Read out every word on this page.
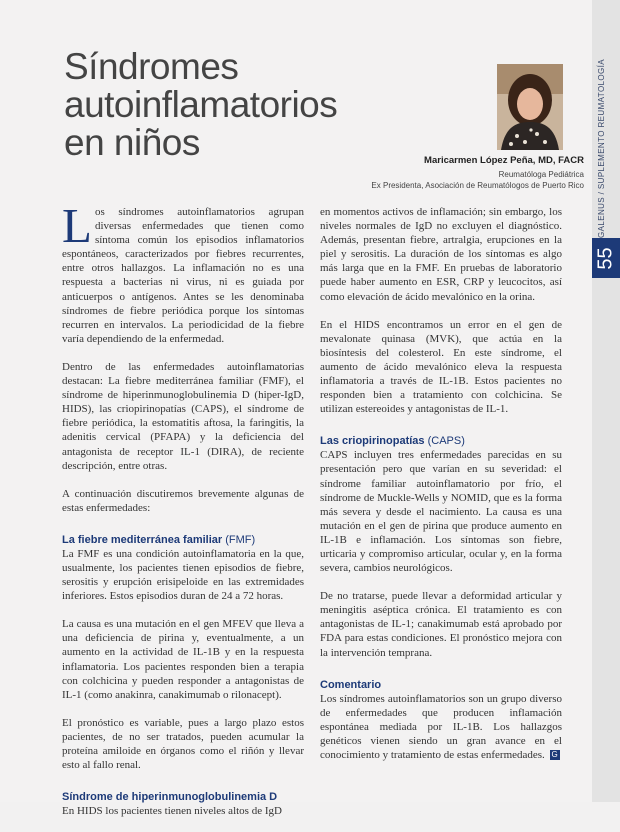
55
GALENUS / SUPLEMENTO REUMATOLOGÍA
Síndromes
autoinflamatorios
en niños	Maricarmen López Peña, MD, FACR
Reumatóloga Pediátrica
Ex Presidenta, Asociación de Reumatólogos de Puerto Rico

Los síndromes autoinflamatorios agrupan diversas enfermedades que tienen como síntoma común los episodios inflamatorios espontáneos, caracterizados por fiebres recurrentes, entre otros hallazgos. La inflamación no es una respuesta a bacterias ni virus, ni es guiada por anticuerpos o antígenos. Antes se les denominaba síndromes de fiebre periódica porque los síntomas recurren en intervalos. La periodicidad de la fiebre varía dependiendo de la enfermedad.

Dentro de las enfermedades autoinflamatorias destacan: La fiebre mediterránea familiar (FMF), el síndrome de hiperinmunoglobulinemia D (hiper-IgD, HIDS), las criopirinopatías (CAPS), el síndrome de fiebre periódica, la estomatitis aftosa, la faringitis, la adenitis cervical (PFAPA) y la deficiencia del antagonista de receptor IL-1 (DIRA), de reciente descripción, entre otras.

A continuación discutiremos brevemente algunas de estas enfermedades:

La fiebre mediterránea familiar (FMF)

La FMF es una condición autoinflamatoria en la que, usualmente, los pacientes tienen episodios de fiebre, serositis y erupción erisipeloide en las extremidades inferiores. Estos episodios duran de 24 a 72 horas.

La causa es una mutación en el gen MFEV que lleva a una deficiencia de pirina y, eventualmente, a un aumento en la actividad de IL-1B y en la respuesta inflamatoria. Los pacientes responden bien a terapia con colchicina y pueden responder a antagonistas de IL-1 (como anakinra, canakimumab o rilonacept).

El pronóstico es variable, pues a largo plazo estos pacientes, de no ser tratados, pueden acumular la proteína amiloide en órganos como el riñón y llevar esto al fallo renal.

Síndrome de hiperinmunoglobulinemia D

En HIDS los pacientes tienen niveles altos de IgD

en momentos activos de inflamación; sin embargo, los niveles normales de IgD no excluyen el diagnóstico. Además, presentan fiebre, artralgia, erupciones en la piel y serositis. La duración de los síntomas es algo más larga que en la FMF. En pruebas de laboratorio puede haber aumento en ESR, CRP y leucocitos, así como elevación de ácido mevalónico en la orina.

En el HIDS encontramos un error en el gen de mevalonate quinasa (MVK), que actúa en la biosíntesis del colesterol. En este síndrome, el aumento de ácido mevalónico eleva la respuesta inflamatoria a través de IL-1B. Estos pacientes no responden bien a tratamiento con colchicina. Se utilizan estereoides y antagonistas de IL-1.

Las criopirinopatías (CAPS)

CAPS incluyen tres enfermedades parecidas en su presentación pero que varían en su severidad: el síndrome familiar autoinflamatorio por frío, el síndrome de Muckle-Wells y NOMID, que es la forma más severa y desde el nacimiento. La causa es una mutación en el gen de pirina que produce aumento en IL-1B e inflamación. Los síntomas son fiebre, urticaria y compromiso articular, ocular y, en la forma severa, cambios neurológicos.

De no tratarse, puede llevar a deformidad articular y meningitis aséptica crónica. El tratamiento es con antagonistas de IL-1; canakimumab está aprobado por FDA para estas condiciones. El pronóstico mejora con la intervención temprana.

Comentario

Los síndromes autoinflamatorios son un grupo diverso de enfermedades que producen inflamación espontánea mediada por IL-1B. Los hallazgos genéticos vienen siendo un gran avance en el conocimiento y tratamiento de estas enfermedades. G
